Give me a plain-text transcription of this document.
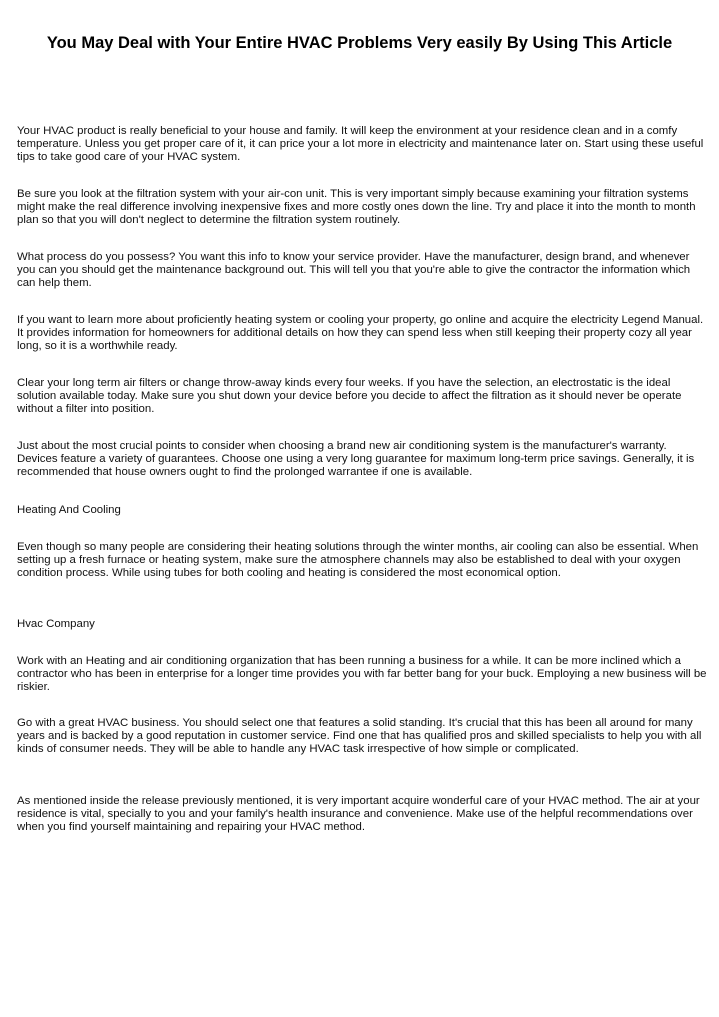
You May Deal with Your Entire HVAC Problems Very easily By Using This Article

Your HVAC product is really beneficial to your house and family. It will keep the environment at your residence clean and in a comfy temperature. Unless you get proper care of it, it can price your a lot more in electricity and maintenance later on. Start using these useful tips to take good care of your HVAC system.

Be sure you look at the filtration system with your air-con unit. This is very important simply because examining your filtration systems might make the real difference involving inexpensive fixes and more costly ones down the line. Try and place it into the month to month plan so that you will don't neglect to determine the filtration system routinely.

What process do you possess? You want this info to know your service provider. Have the manufacturer, design brand, and whenever you can you should get the maintenance background out. This will tell you that you're able to give the contractor the information which can help them.

If you want to learn more about proficiently heating system or cooling your property, go online and acquire the electricity Legend Manual. It provides information for homeowners for additional details on how they can spend less when still keeping their property cozy all year long, so it is a worthwhile ready.

Clear your long term air filters or change throw-away kinds every four weeks. If you have the selection, an electrostatic is the ideal solution available today. Make sure you shut down your device before you decide to affect the filtration as it should never be operate without a filter into position.

Just about the most crucial points to consider when choosing a brand new air conditioning system is the manufacturer's warranty. Devices feature a variety of guarantees. Choose one using a very long guarantee for maximum long-term price savings. Generally, it is recommended that house owners ought to find the prolonged warrantee if one is available.

Heating And Cooling

Even though so many people are considering their heating solutions through the winter months, air cooling can also be essential. When setting up a fresh furnace or heating system, make sure the atmosphere channels may also be established to deal with your oxygen condition process. While using tubes for both cooling and heating is considered the most economical option.

Hvac Company

Work with an Heating and air conditioning organization that has been running a business for a while. It can be more inclined which a contractor who has been in enterprise for a longer time provides you with far better bang for your buck. Employing a new business will be riskier.

Go with a great HVAC business. You should select one that features a solid standing. It's crucial that this has been all around for many years and is backed by a good reputation in customer service. Find one that has qualified pros and skilled specialists to help you with all kinds of consumer needs. They will be able to handle any HVAC task irrespective of how simple or complicated.

As mentioned inside the release previously mentioned, it is very important acquire wonderful care of your HVAC method. The air at your residence is vital, specially to you and your family's health insurance and convenience. Make use of the helpful recommendations over when you find yourself maintaining and repairing your HVAC method.
